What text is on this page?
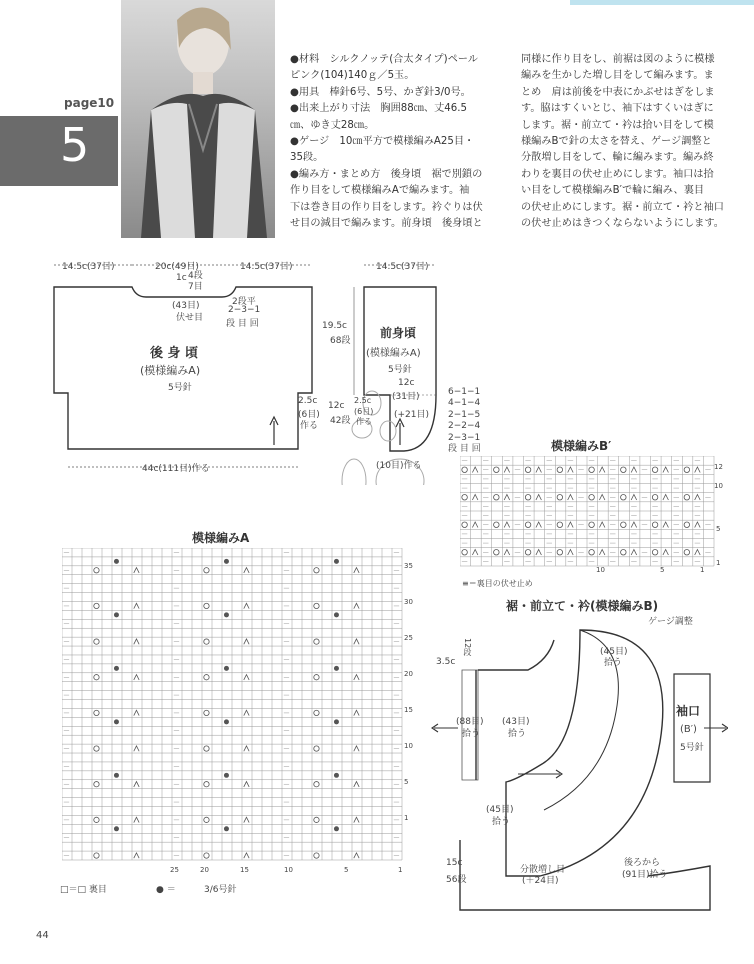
page10
5

●材料　シルクノッテ(合太タイプ)ペール

ピンク(104)140ｇ／5玉。

●用具　棒針6号、5号、かぎ針3/0号。

●出来上がり寸法　胸囲88㎝、丈46.5

㎝、ゆき丈28㎝。

●ゲージ　10㎝平方で模様編みA25目・

35段。

●編み方・まとめ方　後身頃　裾で別鎖の

作り目をして模様編みAで編みます。袖

下は巻き目の作り目をします。衿ぐりは伏

せ目の減目で編みます。前身頃　後身頃と

同様に作り目をし、前裾は図のように模様

編みを生かした増し目をして編みます。ま

とめ　肩は前後を中表にかぶせはぎをしま

す。脇はすくいとじ、袖下はすくいはぎに

します。裾・前立て・衿は拾い目をして模

様編みBで針の太さを替え、ゲージ調整と

分散増し目をして、輪に編みます。編み終

わりを裏目の伏せ止めにします。袖口は拾

い目をして模様編みB′で輪に編み、裏目

の伏せ止めにします。裾・前立て・衿と袖口

の伏せ止めはきつくならないようにします。

14.5c(37目)	20c(49目)	14.5c(37目)
1c 4段
7目
(43目)
伏せ目
2段平
2−3−1
段 目 回
後 身 頃
(模様編みA)
5号針
2.5c
(6目)
作る
44c(111目)作る
14.5c(37目)
19.5c
68段
前身頃
(模様編みA)
5号針
12c
(31目)
(+21目)
12c
42段
2.5c
(6目)
作る
(10目)作る
6−1−1
4−1−4
2−1−5
2−2−4
2−3−1
段 目 回	模様編みB′
12
10
5
1
10	5	1
≡＝裏目の伏せ止め
模様編みA
35
30
25
20
15
10
5
1
25	20	15	10	5	1
□＝□ 裏目	● ＝	3/6号針
裾・前立て・衿(模様編みB)
ゲージ調整
(45目)
拾う
12段
3.5c
(88目)
拾う
(43目)
拾う
(45目)
拾う
15c
56段
分散増し目
(＋24目)
後ろから
(91目)拾う
袖口
(B′)
5号針
44
